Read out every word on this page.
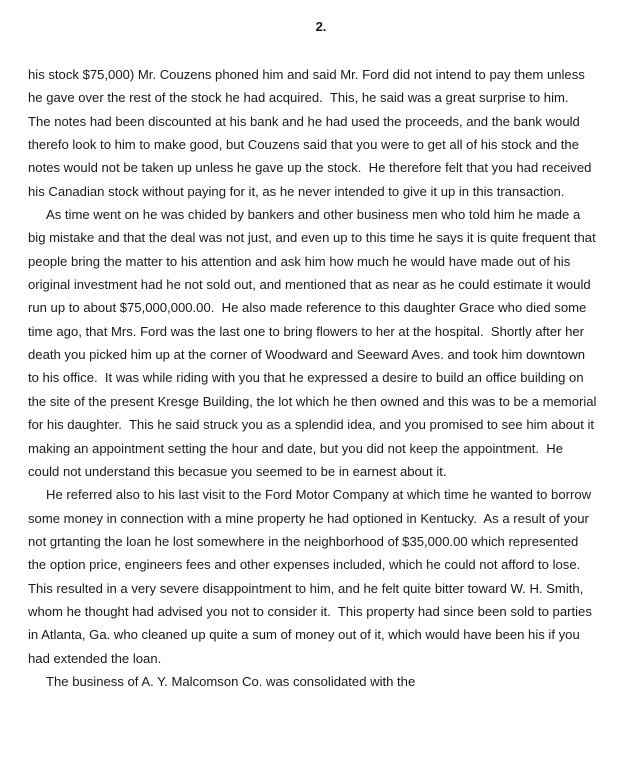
2.
his stock $75,000) Mr. Couzens phoned him and said Mr. Ford did not intend to pay them unless
he gave over the rest of the stock he had acquired.  This, he said was a great surprise to him.
The notes had been discounted at his bank and he had used the proceeds, and the bank would
therefo look to him to make good, but Couzens said that you were to get all of his stock and the
notes would not be taken up unless he gave up the stock.  He therefore felt that you had received
his Canadian stock without paying for it, as he never intended to give it up in this transaction.
As time went on he was chided by bankers and other business men who told him he made a
big mistake and that the deal was not just, and even up to this time he says it is quite frequent that
people bring the matter to his attention and ask him how much he would have made out of his
original investment had he not sold out, and mentioned that as near as he could estimate it would
run up to about $75,000,000.00.  He also made reference to this daughter Grace who died some
time ago, that Mrs. Ford was the last one to bring flowers to her at the hospital.  Shortly after her
death you picked him up at the corner of Woodward and Seeward Aves. and took him downtown
to his office.  It was while riding with you that he expressed a desire to build an office building on
the site of the present Kresge Building, the lot which he then owned and this was to be a memorial
for his daughter.  This he said struck you as a splendid idea, and you promised to see him about it
making an appointment setting the hour and date, but you did not keep the appointment.  He
could not understand this becasue you seemed to be in earnest about it.
He referred also to his last visit to the Ford Motor Company at which time he wanted to borrow
some money in connection with a mine property he had optioned in Kentucky.  As a result of your
not grtanting the loan he lost somewhere in the neighborhood of $35,000.00 which represented
the option price, engineers fees and other expenses included, which he could not afford to lose.
This resulted in a very severe disappointment to him, and he felt quite bitter toward W. H. Smith,
whom he thought had advised you not to consider it.  This property had since been sold to parties
in Atlanta, Ga. who cleaned up quite a sum of money out of it, which would have been his if you
had extended the loan.
The business of A. Y. Malcomson Co. was consolidated with the
